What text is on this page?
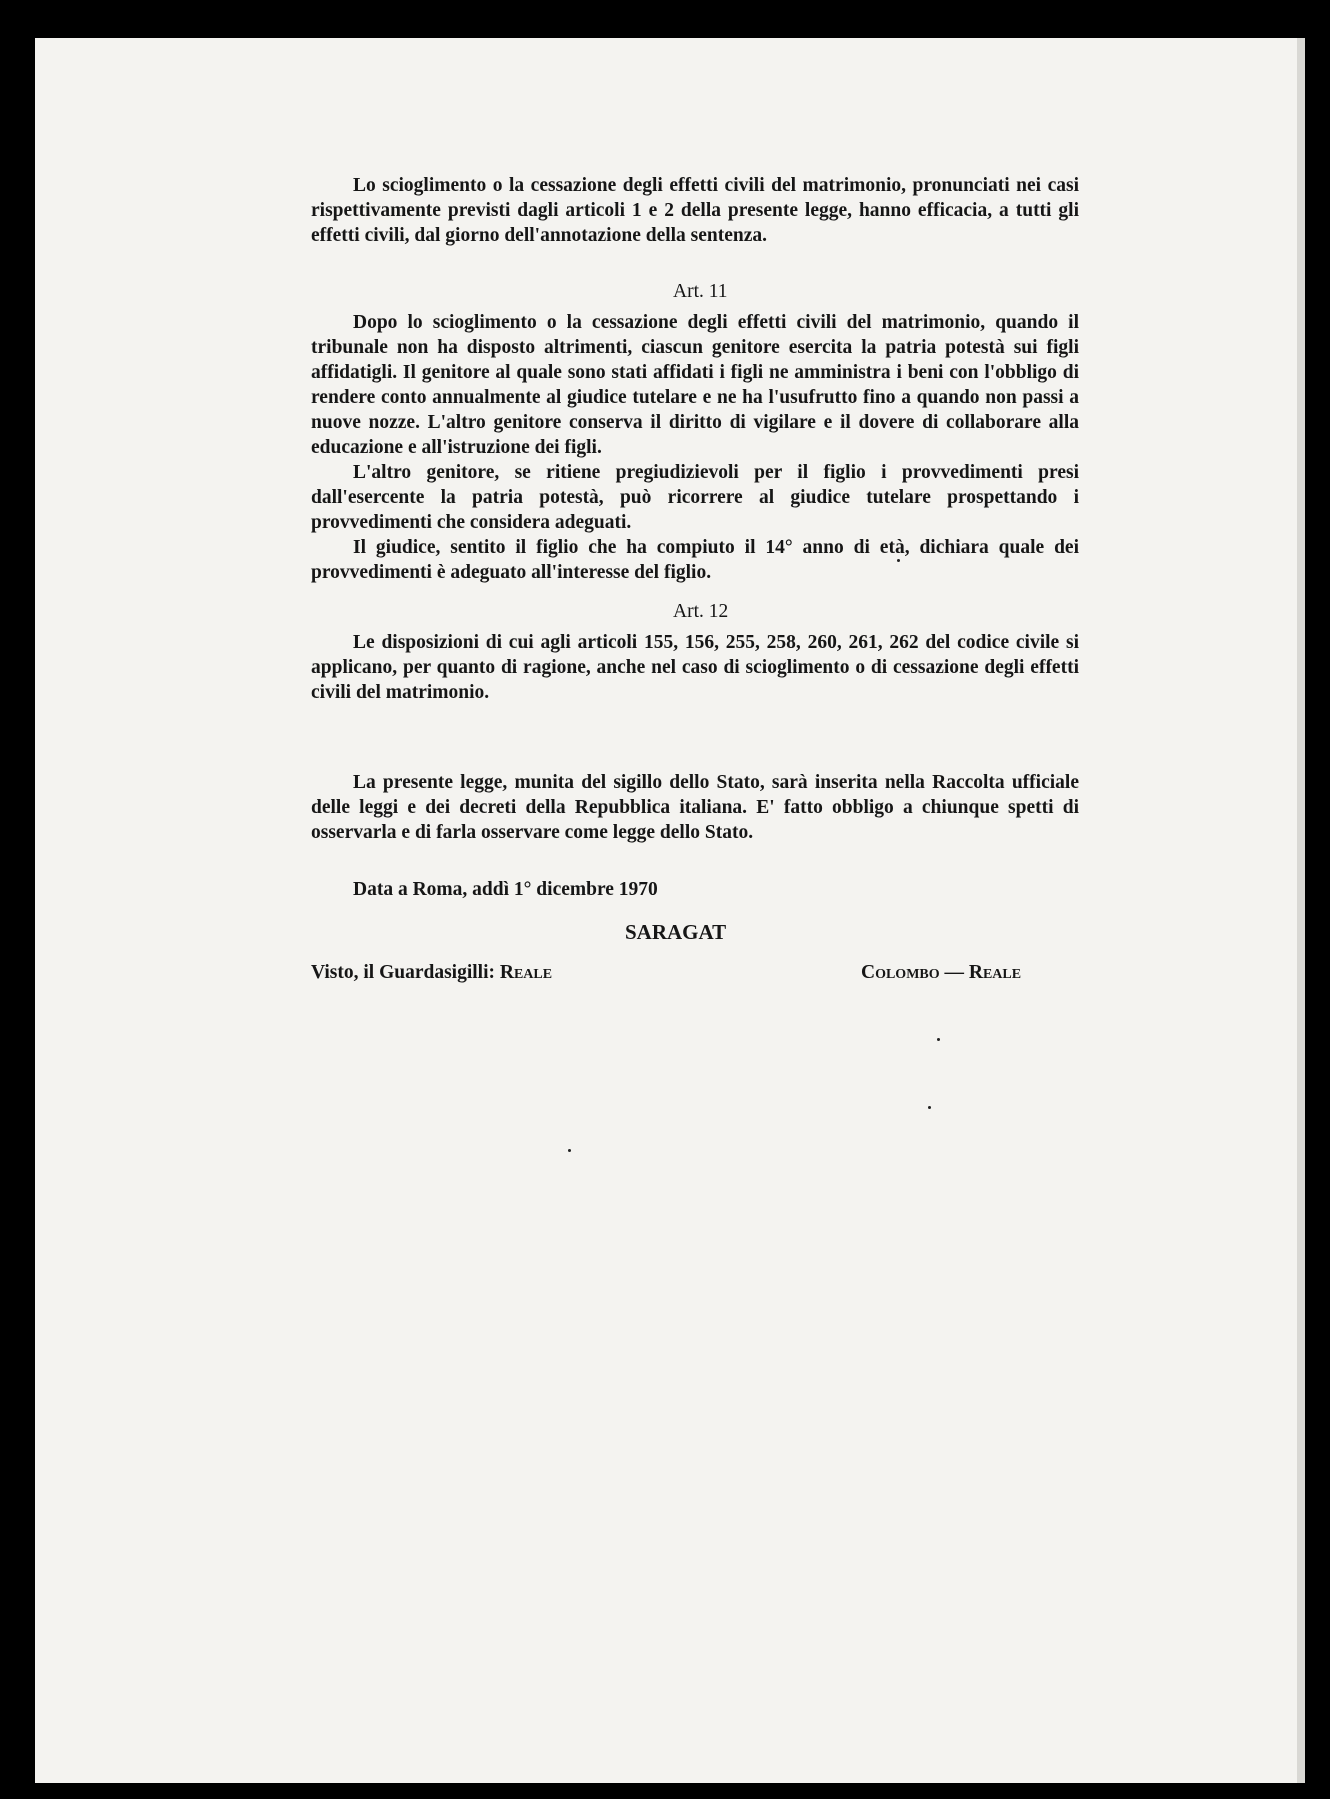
Lo scioglimento o la cessazione degli effetti civili del matrimonio, pronunciati nei casi rispettivamente previsti dagli articoli 1 e 2 della presente legge, hanno efficacia, a tutti gli effetti civili, dal giorno dell'annotazione della sentenza.

Art. 11

Dopo lo scioglimento o la cessazione degli effetti civili del matrimonio, quando il tribunale non ha disposto altrimenti, ciascun genitore esercita la patria potestà sui figli affidatigli. Il genitore al quale sono stati affidati i figli ne amministra i beni con l'obbligo di rendere conto annualmente al giudice tutelare e ne ha l'usufrutto fino a quando non passi a nuove nozze. L'altro genitore conserva il diritto di vigilare e il dovere di collaborare alla educazione e all'istruzione dei figli.

L'altro genitore, se ritiene pregiudizievoli per il figlio i provvedimenti presi dall'esercente la patria potestà, può ricorrere al giudice tutelare prospettando i provvedimenti che considera adeguati.

Il giudice, sentito il figlio che ha compiuto il 14° anno di età, dichiara quale dei provvedimenti è adeguato all'interesse del figlio.

Art. 12

Le disposizioni di cui agli articoli 155, 156, 255, 258, 260, 261, 262 del codice civile si applicano, per quanto di ragione, anche nel caso di scioglimento o di cessazione degli effetti civili del matrimonio.

La presente legge, munita del sigillo dello Stato, sarà inserita nella Raccolta ufficiale delle leggi e dei decreti della Repubblica italiana. E' fatto obbligo a chiunque spetti di osservarla e di farla osservare come legge dello Stato.

Data a Roma, addì 1° dicembre 1970
SARAGAT
Visto, il Guardasigilli: Reale	Colombo — Reale
